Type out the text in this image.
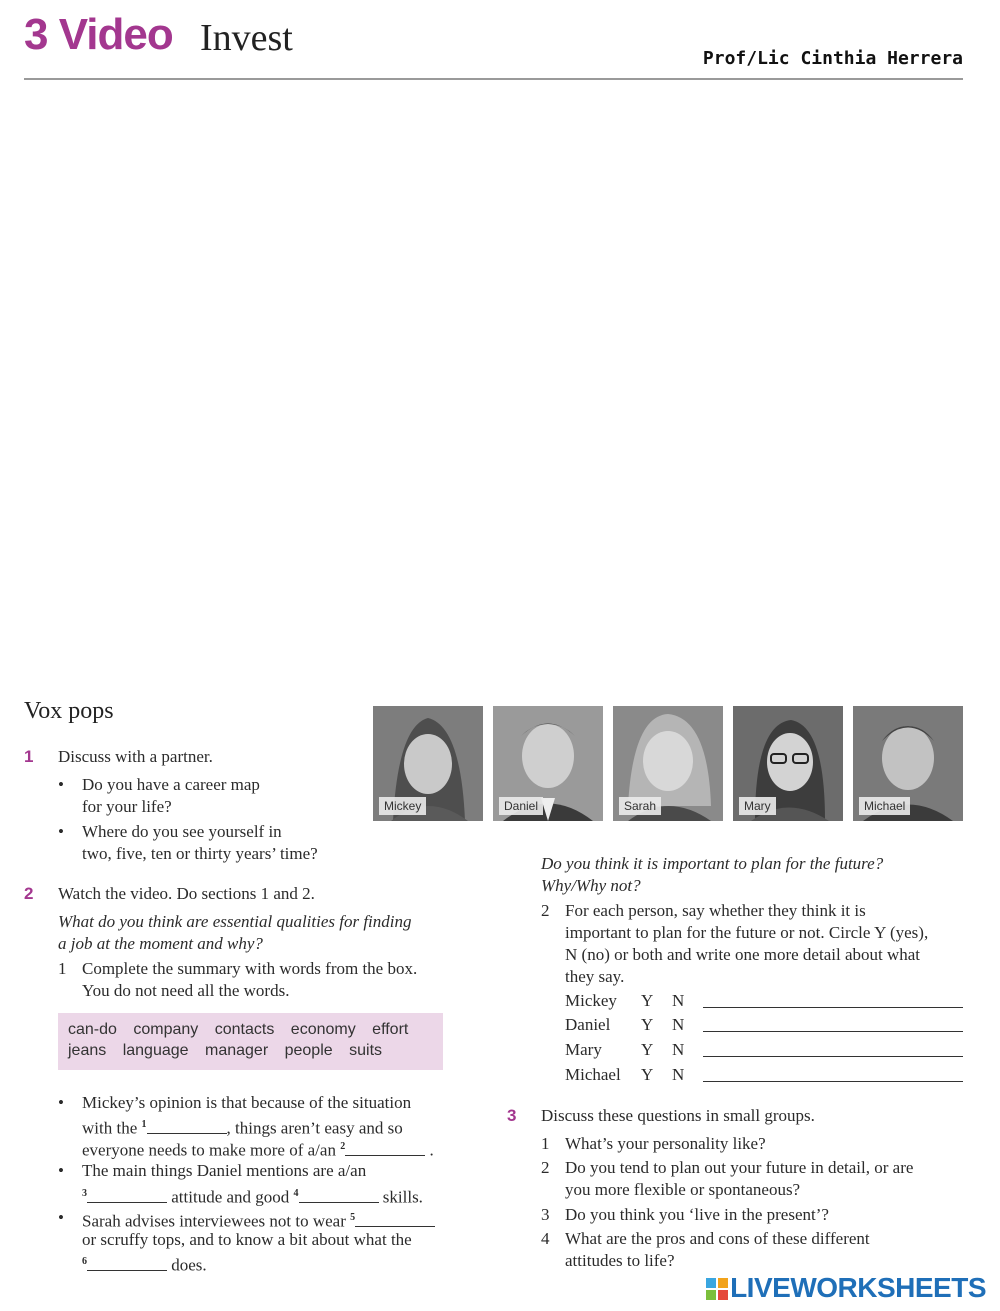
3 Video Invest	Prof/Lic Cinthia Herrera
Vox pops
Mickey	Daniel	Sarah	Mary	Michael
1 Discuss with a partner.
• Do you have a career map
for your life?
• Where do you see yourself in
two, five, ten or thirty years’ time?
2 Watch the video. Do sections 1 and 2.
What do you think are essential qualities for finding
a job at the moment and why?
1 Complete the summary with words from the box.
You do not need all the words.
can-do company contacts economy effort
jeans language manager people suits
• Mickey’s opinion is that because of the situation
with the $^1$	, things aren’t easy and so
everyone needs to make more of a/an $^2$	.
• The main things Daniel mentions are a/an
$^3$	attitude and good $^4$	skills.
• Sarah advises interviewees not to wear $^5$
or scruffy tops, and to know a bit about what the
$^6$	does.
Do you think it is important to plan for the future?
Why/Why not?
2 For each person, say whether they think it is
important to plan for the future or not. Circle Y (yes),
N (no) or both and write one more detail about what
they say.
Mickey Y N
Daniel Y N
Mary Y N
Michael Y N
3 Discuss these questions in small groups.
1 What’s your personality like?
2 Do you tend to plan out your future in detail, or are
you more flexible or spontaneous?
3 Do you think you ‘live in the present’?
4 What are the pros and cons of these different
attitudes to life?
LIVEWORKSHEETS
